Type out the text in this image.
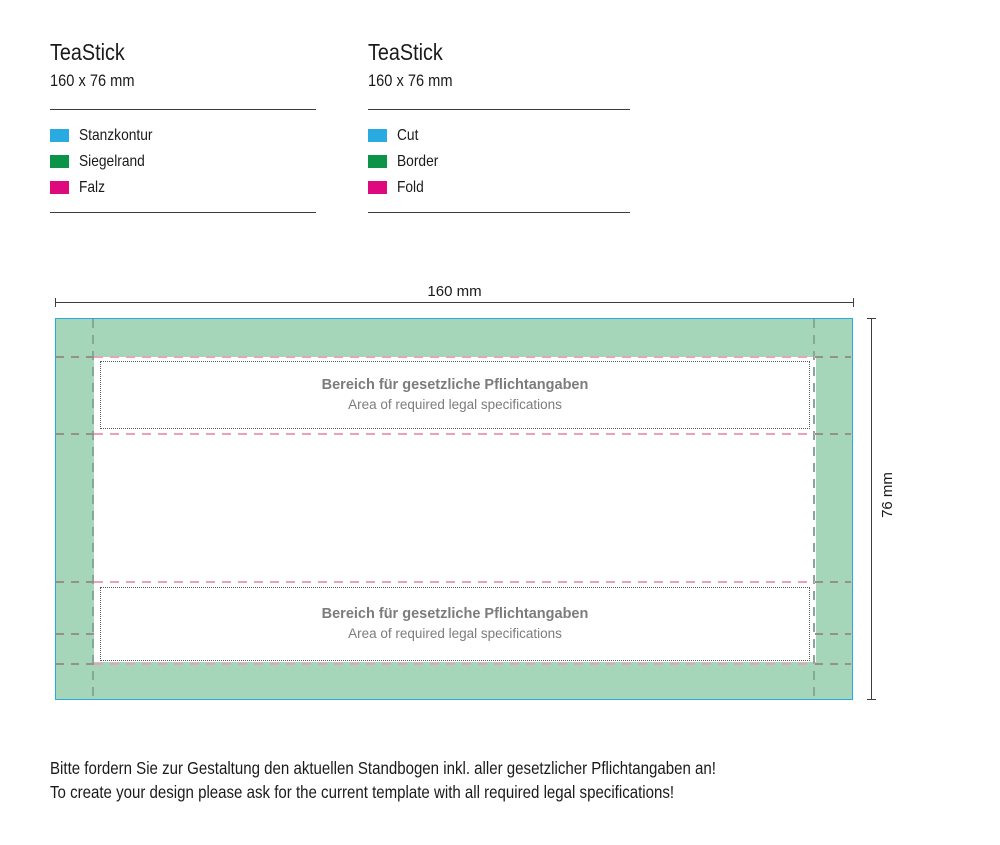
TeaStick
160 x 76 mm
Stanzkontur
Siegelrand
Falz
TeaStick
160 x 76 mm
Cut
Border
Fold
160 mm
76 mm
Bereich für gesetzliche Pflichtangaben
Area of required legal specifications
Bereich für gesetzliche Pflichtangaben
Area of required legal specifications
Bitte fordern Sie zur Gestaltung den aktuellen Standbogen inkl. aller gesetzlicher Pflichtangaben an!
To create your design please ask for the current template with all required legal specifications!
